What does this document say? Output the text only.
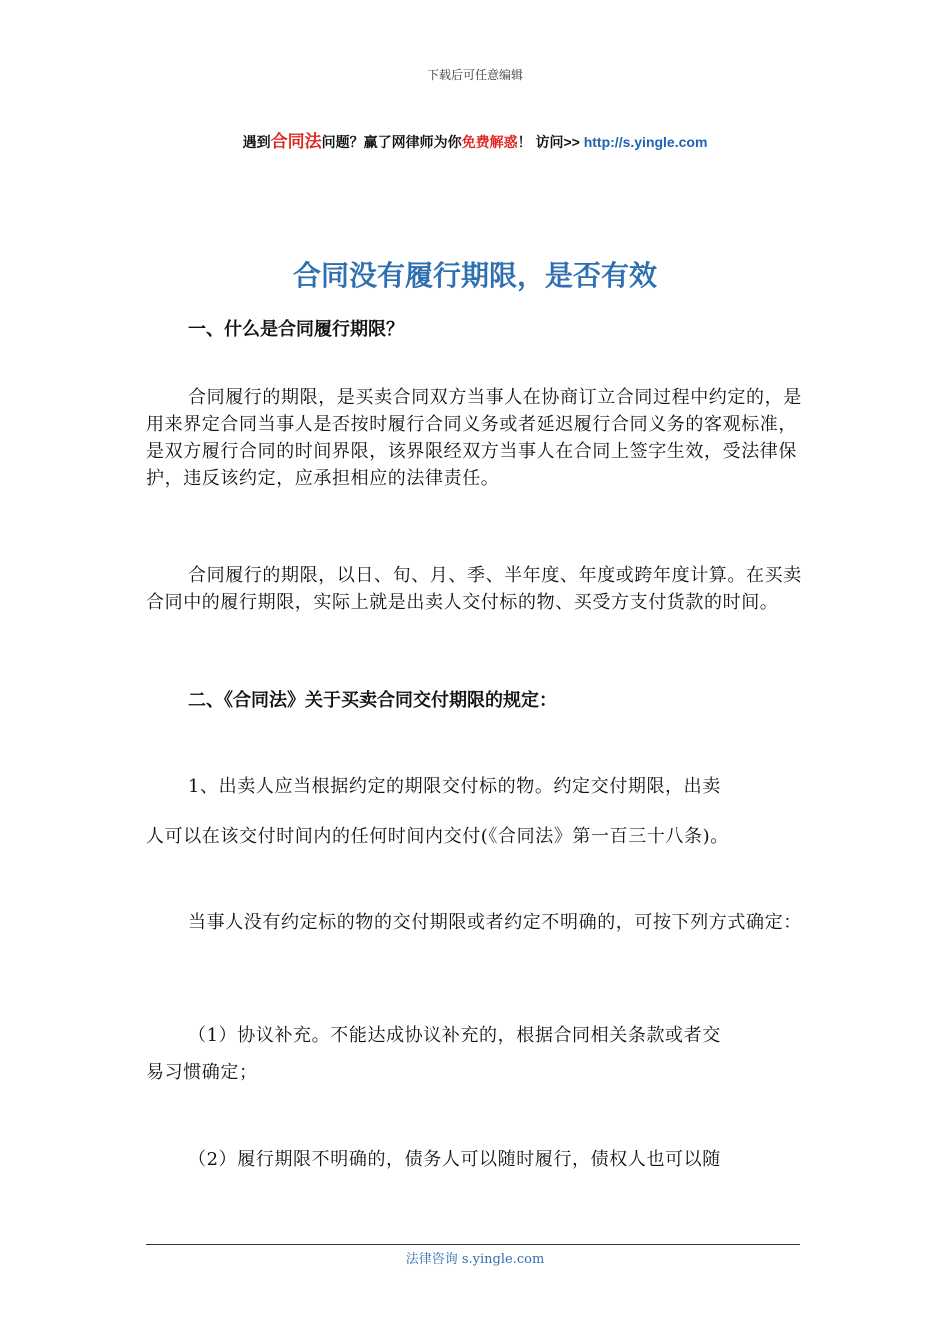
下载后可任意编辑
遇到合同法问题？赢了网律师为你免费解惑！ 访问>> http://s.yingle.com
合同没有履行期限，是否有效
一、什么是合同履行期限？

合同履行的期限，是买卖合同双方当事人在协商订立合同过程中约定的，是用来界定合同当事人是否按时履行合同义务或者延迟履行合同义务的客观标准，是双方履行合同的时间界限，该界限经双方当事人在合同上签字生效，受法律保护，违反该约定，应承担相应的法律责任。

合同履行的期限，以日、旬、月、季、半年度、年度或跨年度计算。在买卖合同中的履行期限，实际上就是出卖人交付标的物、买受方支付货款的时间。

二、《合同法》关于买卖合同交付期限的规定：
1、出卖人应当根据约定的期限交付标的物。约定交付期限，出卖
人可以在该交付时间内的任何时间内交付(《合同法》第一百三十八条)。

当事人没有约定标的物的交付期限或者约定不明确的，可按下列方式确定：

（1）协议补充。不能达成协议补充的，根据合同相关条款或者交
易习惯确定；
（2）履行期限不明确的，债务人可以随时履行，债权人也可以随
法律咨询 s.yingle.com
